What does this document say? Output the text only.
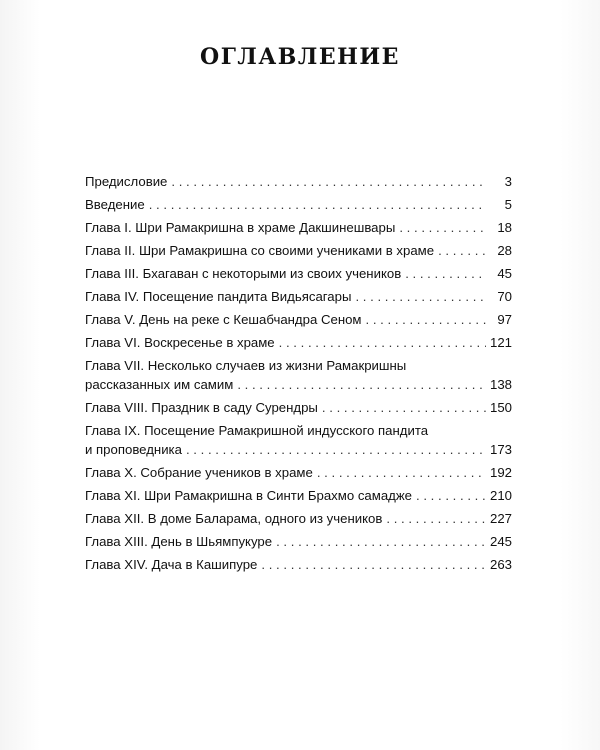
ОГЛАВЛЕНИЕ
Предисловие . . .	3
Введение . . .	5
Глава I. Шри Рамакришна в храме Дакшинешвары . . .	18
Глава II. Шри Рамакришна со своими учениками в храме . . .	28
Глава III. Бхагаван с некоторыми из своих учеников . . .	45
Глава IV. Посещение пандита Видьясагары . . .	70
Глава V. День на реке с Кешабчандра Сеном . . .	97
Глава VI. Воскресенье в храме . . .	121
Глава VII. Несколько случаев из жизни Рамакришны
рассказанных им самим . . .	138
Глава VIII. Праздник в саду Сурендры . . .	150
Глава IX. Посещение Рамакришной индусского пандита
и проповедника . . .	173
Глава X. Собрание учеников в храме . . .	192
Глава XI. Шри Рамакришна в Синти Брахмо самадже . . .	210
Глава XII. В доме Баларама, одного из учеников . . .	227
Глава XIII. День в Шьямпукуре . . .	245
Глава XIV. Дача в Кашипуре . . .	263
